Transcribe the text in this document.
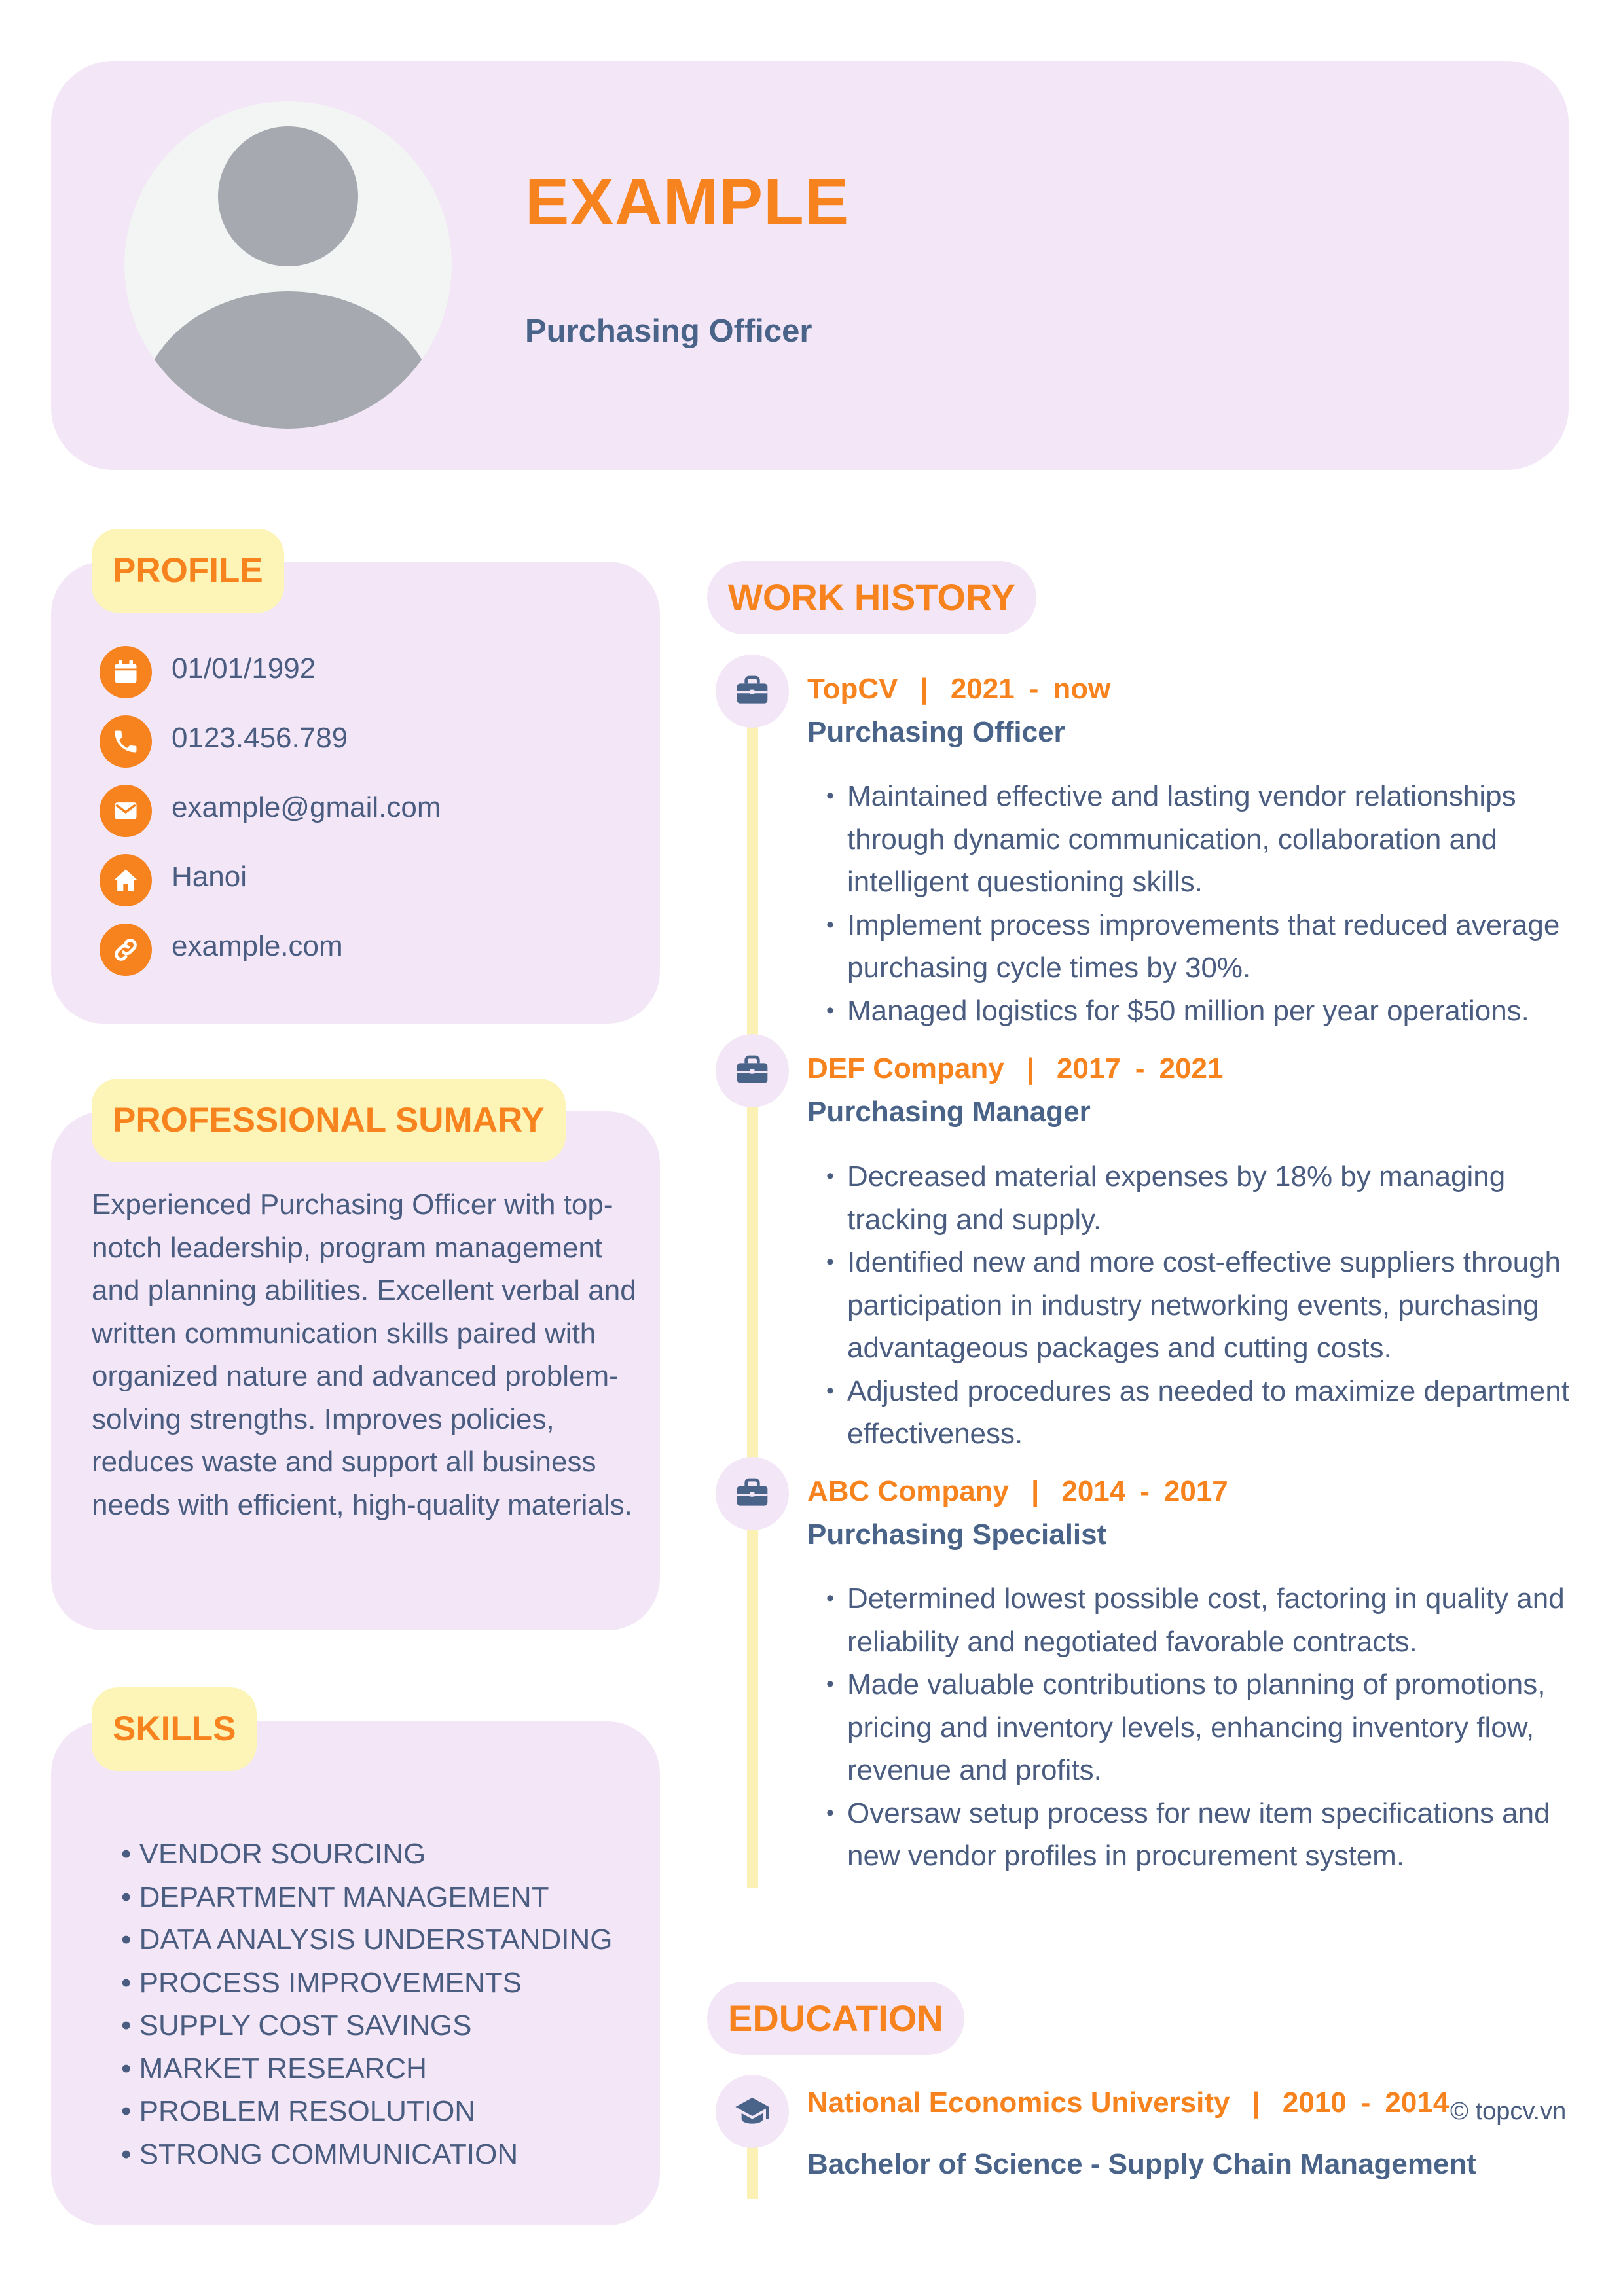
EXAMPLE
Purchasing Officer
PROFILE
01/01/1992
0123.456.789
example@gmail.com
Hanoi
example.com
PROFESSIONAL SUMARY
Experienced Purchasing Officer with top-notch leadership, program management and planning abilities. Excellent verbal and written communication skills paired with organized nature and advanced problem-solving strengths. Improves policies, reduces waste and support all business needs with efficient, high-quality materials.
SKILLS
• VENDOR SOURCING
• DEPARTMENT MANAGEMENT
• DATA ANALYSIS UNDERSTANDING
• PROCESS IMPROVEMENTS
• SUPPLY COST SAVINGS
• MARKET RESEARCH
• PROBLEM RESOLUTION
• STRONG COMMUNICATION
WORK HISTORY
TopCV | 2021 - now
Purchasing Officer
• Maintained effective and lasting vendor relationships through dynamic communication, collaboration and intelligent questioning skills.
• Implement process improvements that reduced average purchasing cycle times by 30%.
• Managed logistics for $50 million per year operations.
DEF Company | 2017 - 2021
Purchasing Manager
• Decreased material expenses by 18% by managing tracking and supply.
• Identified new and more cost-effective suppliers through participation in industry networking events, purchasing advantageous packages and cutting costs.
• Adjusted procedures as needed to maximize department effectiveness.
ABC Company | 2014 - 2017
Purchasing Specialist
• Determined lowest possible cost, factoring in quality and reliability and negotiated favorable contracts.
• Made valuable contributions to planning of promotions, pricing and inventory levels, enhancing inventory flow, revenue and profits.
• Oversaw setup process for new item specifications and new vendor profiles in procurement system.
EDUCATION
National Economics University | 2010 - 2014
Bachelor of Science - Supply Chain Management
© topcv.vn
